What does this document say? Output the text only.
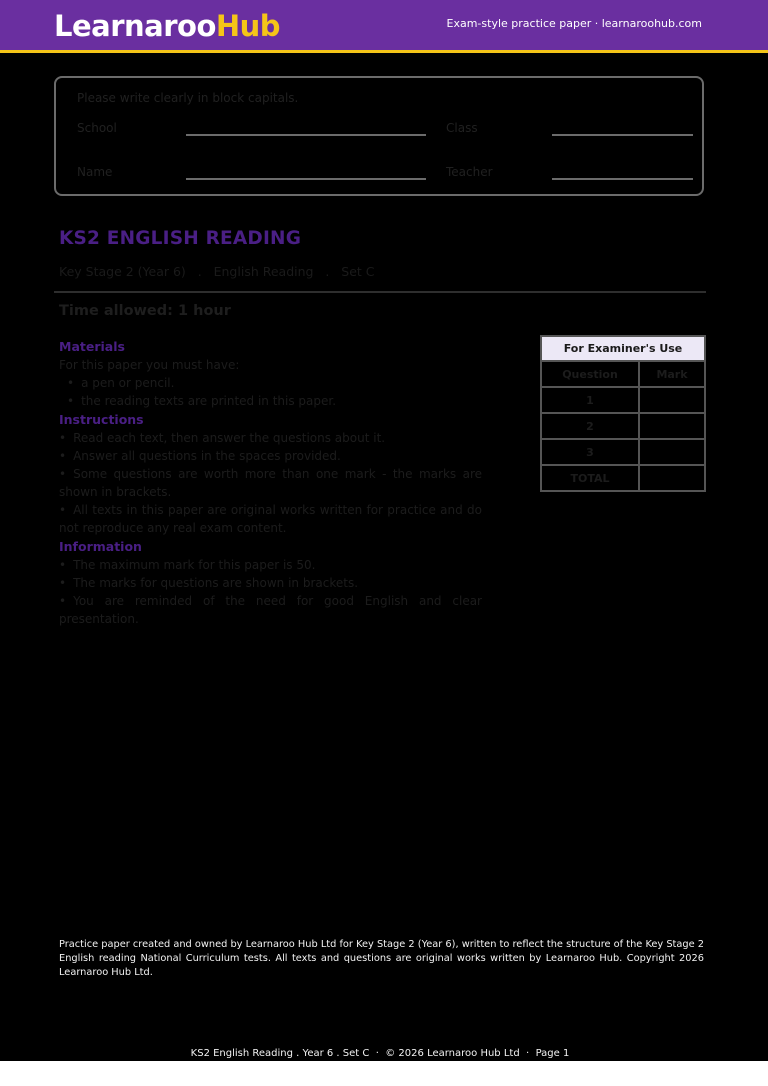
LearnarooHub	Exam-style practice paper · learnaroohub.com
Please write clearly in block capitals.
School	Class
Name	Teacher
KS2 ENGLISH READING
Key Stage 2 (Year 6)   .   English Reading   .   Set C
Time allowed: 1 hour
Materials
For this paper you must have:
• a pen or pencil.
• the reading texts are printed in this paper.
Instructions

• Read each text, then answer the questions about it.

• Answer all questions in the spaces provided.

• Some questions are worth more than one mark - the marks are shown in brackets.

• All texts in this paper are original works written for practice and do not reproduce any real exam content.

Information

• The maximum mark for this paper is 50.

• The marks for questions are shown in brackets.

• You are reminded of the need for good English and clear presentation.

For Examiner's Use	
Question	Mark
1	
2	
3	
TOTAL	
Practice paper created and owned by Learnaroo Hub Ltd for Key Stage 2 (Year 6), written to reflect the structure of the Key Stage 2 English reading National Curriculum tests. All texts and questions are original works written by Learnaroo Hub. Copyright 2026 Learnaroo Hub Ltd.
KS2 English Reading . Year 6 . Set C  ·  © 2026 Learnaroo Hub Ltd  ·  Page 1
